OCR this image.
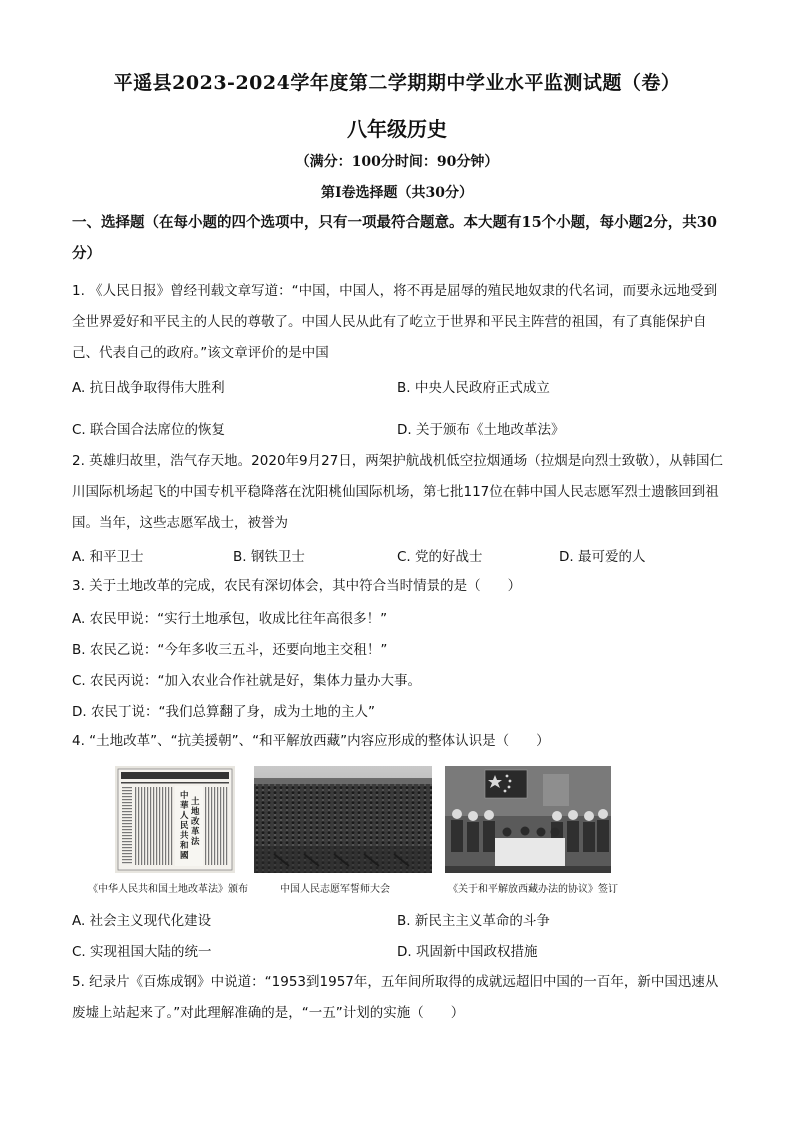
平遥县2023-2024学年度第二学期期中学业水平监测试题（卷）
八年级历史
（满分：100分时间：90分钟）
第I卷选择题（共30分）
一、选择题（在每小题的四个选项中，只有一项最符合题意。本大题有15个小题，每小题2分，共30分）
1. 《人民日报》曾经刊载文章写道：“中国，中国人，将不再是屈辱的殖民地奴隶的代名词，而要永远地受到全世界爱好和平民主的人民的尊敬了。中国人民从此有了屹立于世界和平民主阵营的祖国，有了真能保护自己、代表自己的政府。”该文章评价的是中国
A. 抗日战争取得伟大胜利	B. 中央人民政府正式成立
C. 联合国合法席位的恢复	D. 关于颁布《土地改革法》
2. 英雄归故里，浩气存天地。2020年9月27日，两架护航战机低空拉烟通场（拉烟是向烈士致敬），从韩国仁川国际机场起飞的中国专机平稳降落在沈阳桃仙国际机场，第七批117位在韩中国人民志愿军烈士遗骸回到祖国。当年，这些志愿军战士，被誉为
A. 和平卫士	B. 钢铁卫士	C. 党的好战士	D. 最可爱的人
3. 关于土地改革的完成，农民有深切体会，其中符合当时情景的是（　　）
A. 农民甲说：“实行土地承包，收成比往年高很多！”
B. 农民乙说：“今年多收三五斗，还要向地主交租！”
C. 农民丙说：“加入农业合作社就是好，集体力量办大事。
D. 农民丁说：“我们总算翻了身，成为土地的主人”
4. “土地改革”、“抗美援朝”、“和平解放西藏”内容应形成的整体认识是（　　）
中
華
人
民
共
和
國
土
地
改
革
法
《中华人民共和国土地改革法》颁布	中国人民志愿军誓师大会	《关于和平解放西藏办法的协议》签订
A. 社会主义现代化建设	B. 新民主主义革命的斗争
C. 实现祖国大陆的统一	D. 巩固新中国政权措施
5. 纪录片《百炼成钢》中说道：“1953到1957年，五年间所取得的成就远超旧中国的一百年，新中国迅速从废墟上站起来了。”对此理解准确的是，“一五”计划的实施（　　）
